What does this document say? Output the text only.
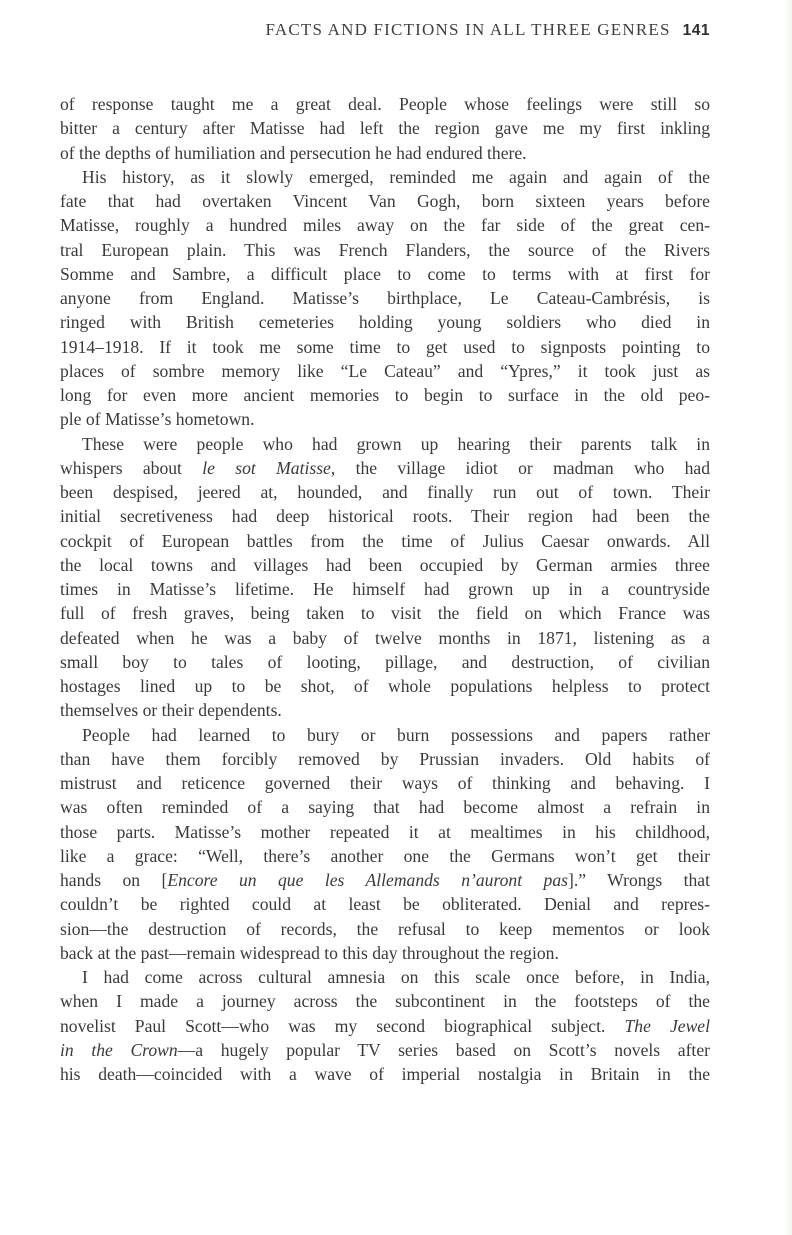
FACTS AND FICTIONS IN ALL THREE GENRES 141
of response taught me a great deal. People whose feelings were still so
bitter a century after Matisse had left the region gave me my first inkling
of the depths of humiliation and persecution he had endured there.
His history, as it slowly emerged, reminded me again and again of the
fate that had overtaken Vincent Van Gogh, born sixteen years before
Matisse, roughly a hundred miles away on the far side of the great cen-
tral European plain. This was French Flanders, the source of the Rivers
Somme and Sambre, a difficult place to come to terms with at first for
anyone from England. Matisse’s birthplace, Le Cateau-Cambrésis, is
ringed with British cemeteries holding young soldiers who died in
1914–1918. If it took me some time to get used to signposts pointing to
places of sombre memory like “Le Cateau” and “Ypres,” it took just as
long for even more ancient memories to begin to surface in the old peo-
ple of Matisse’s hometown.
These were people who had grown up hearing their parents talk in
whispers about le sot Matisse, the village idiot or madman who had
been despised, jeered at, hounded, and finally run out of town. Their
initial secretiveness had deep historical roots. Their region had been the
cockpit of European battles from the time of Julius Caesar onwards. All
the local towns and villages had been occupied by German armies three
times in Matisse’s lifetime. He himself had grown up in a countryside
full of fresh graves, being taken to visit the field on which France was
defeated when he was a baby of twelve months in 1871, listening as a
small boy to tales of looting, pillage, and destruction, of civilian
hostages lined up to be shot, of whole populations helpless to protect
themselves or their dependents.
People had learned to bury or burn possessions and papers rather
than have them forcibly removed by Prussian invaders. Old habits of
mistrust and reticence governed their ways of thinking and behaving. I
was often reminded of a saying that had become almost a refrain in
those parts. Matisse’s mother repeated it at mealtimes in his childhood,
like a grace: “Well, there’s another one the Germans won’t get their
hands on [Encore un que les Allemands n’auront pas].” Wrongs that
couldn’t be righted could at least be obliterated. Denial and repres-
sion—the destruction of records, the refusal to keep mementos or look
back at the past—remain widespread to this day throughout the region.
I had come across cultural amnesia on this scale once before, in India,
when I made a journey across the subcontinent in the footsteps of the
novelist Paul Scott—who was my second biographical subject. The Jewel
in the Crown—a hugely popular TV series based on Scott’s novels after
his death—coincided with a wave of imperial nostalgia in Britain in the
